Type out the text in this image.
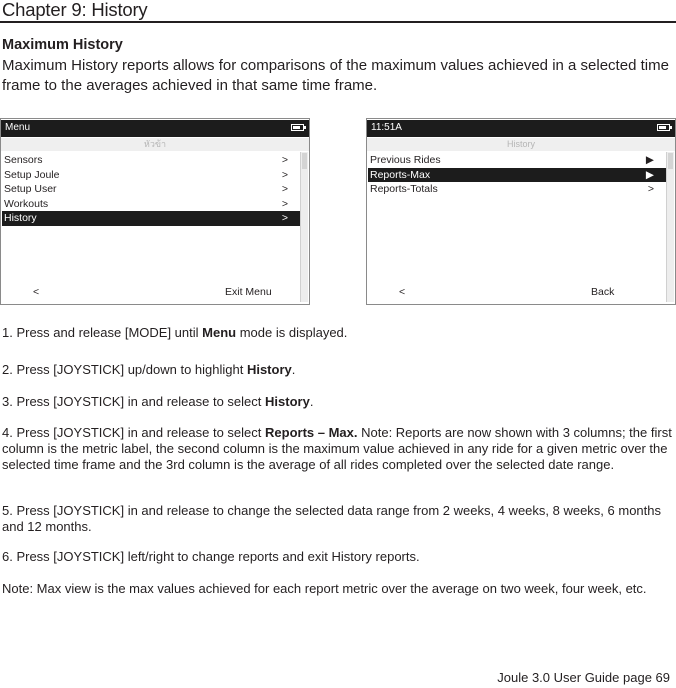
Chapter 9: History
Maximum History
Maximum History reports allows for comparisons of the maximum values achieved in a selected time frame to the averages achieved in that same time frame.
Menu
หัวข้า
Sensors	>
Setup Joule	>
Setup User	>
Workouts	>
History	>
<	Exit Menu
11:51A
History
Previous Rides	▶
Reports-Max	▶
Reports-Totals	>
<	Back

1. Press and release [MODE] until Menu mode is displayed.

2. Press [JOYSTICK] up/down to highlight History.

3. Press [JOYSTICK] in and release to select History.

4. Press [JOYSTICK] in and release to select Reports – Max. Note: Reports are now shown with 3 columns; the first column is the metric label, the second column is the maximum value achieved in any ride for a given metric over the selected time frame and the 3rd column is the average of all rides completed over the selected date range.

5. Press [JOYSTICK] in and release to change the selected data range from 2 weeks, 4 weeks, 8 weeks, 6 months and 12 months.

6. Press [JOYSTICK] left/right to change reports and exit History reports.

Note: Max view is the max values achieved for each report metric over the average on two week, four week, etc.

Joule 3.0 User Guide page 69
